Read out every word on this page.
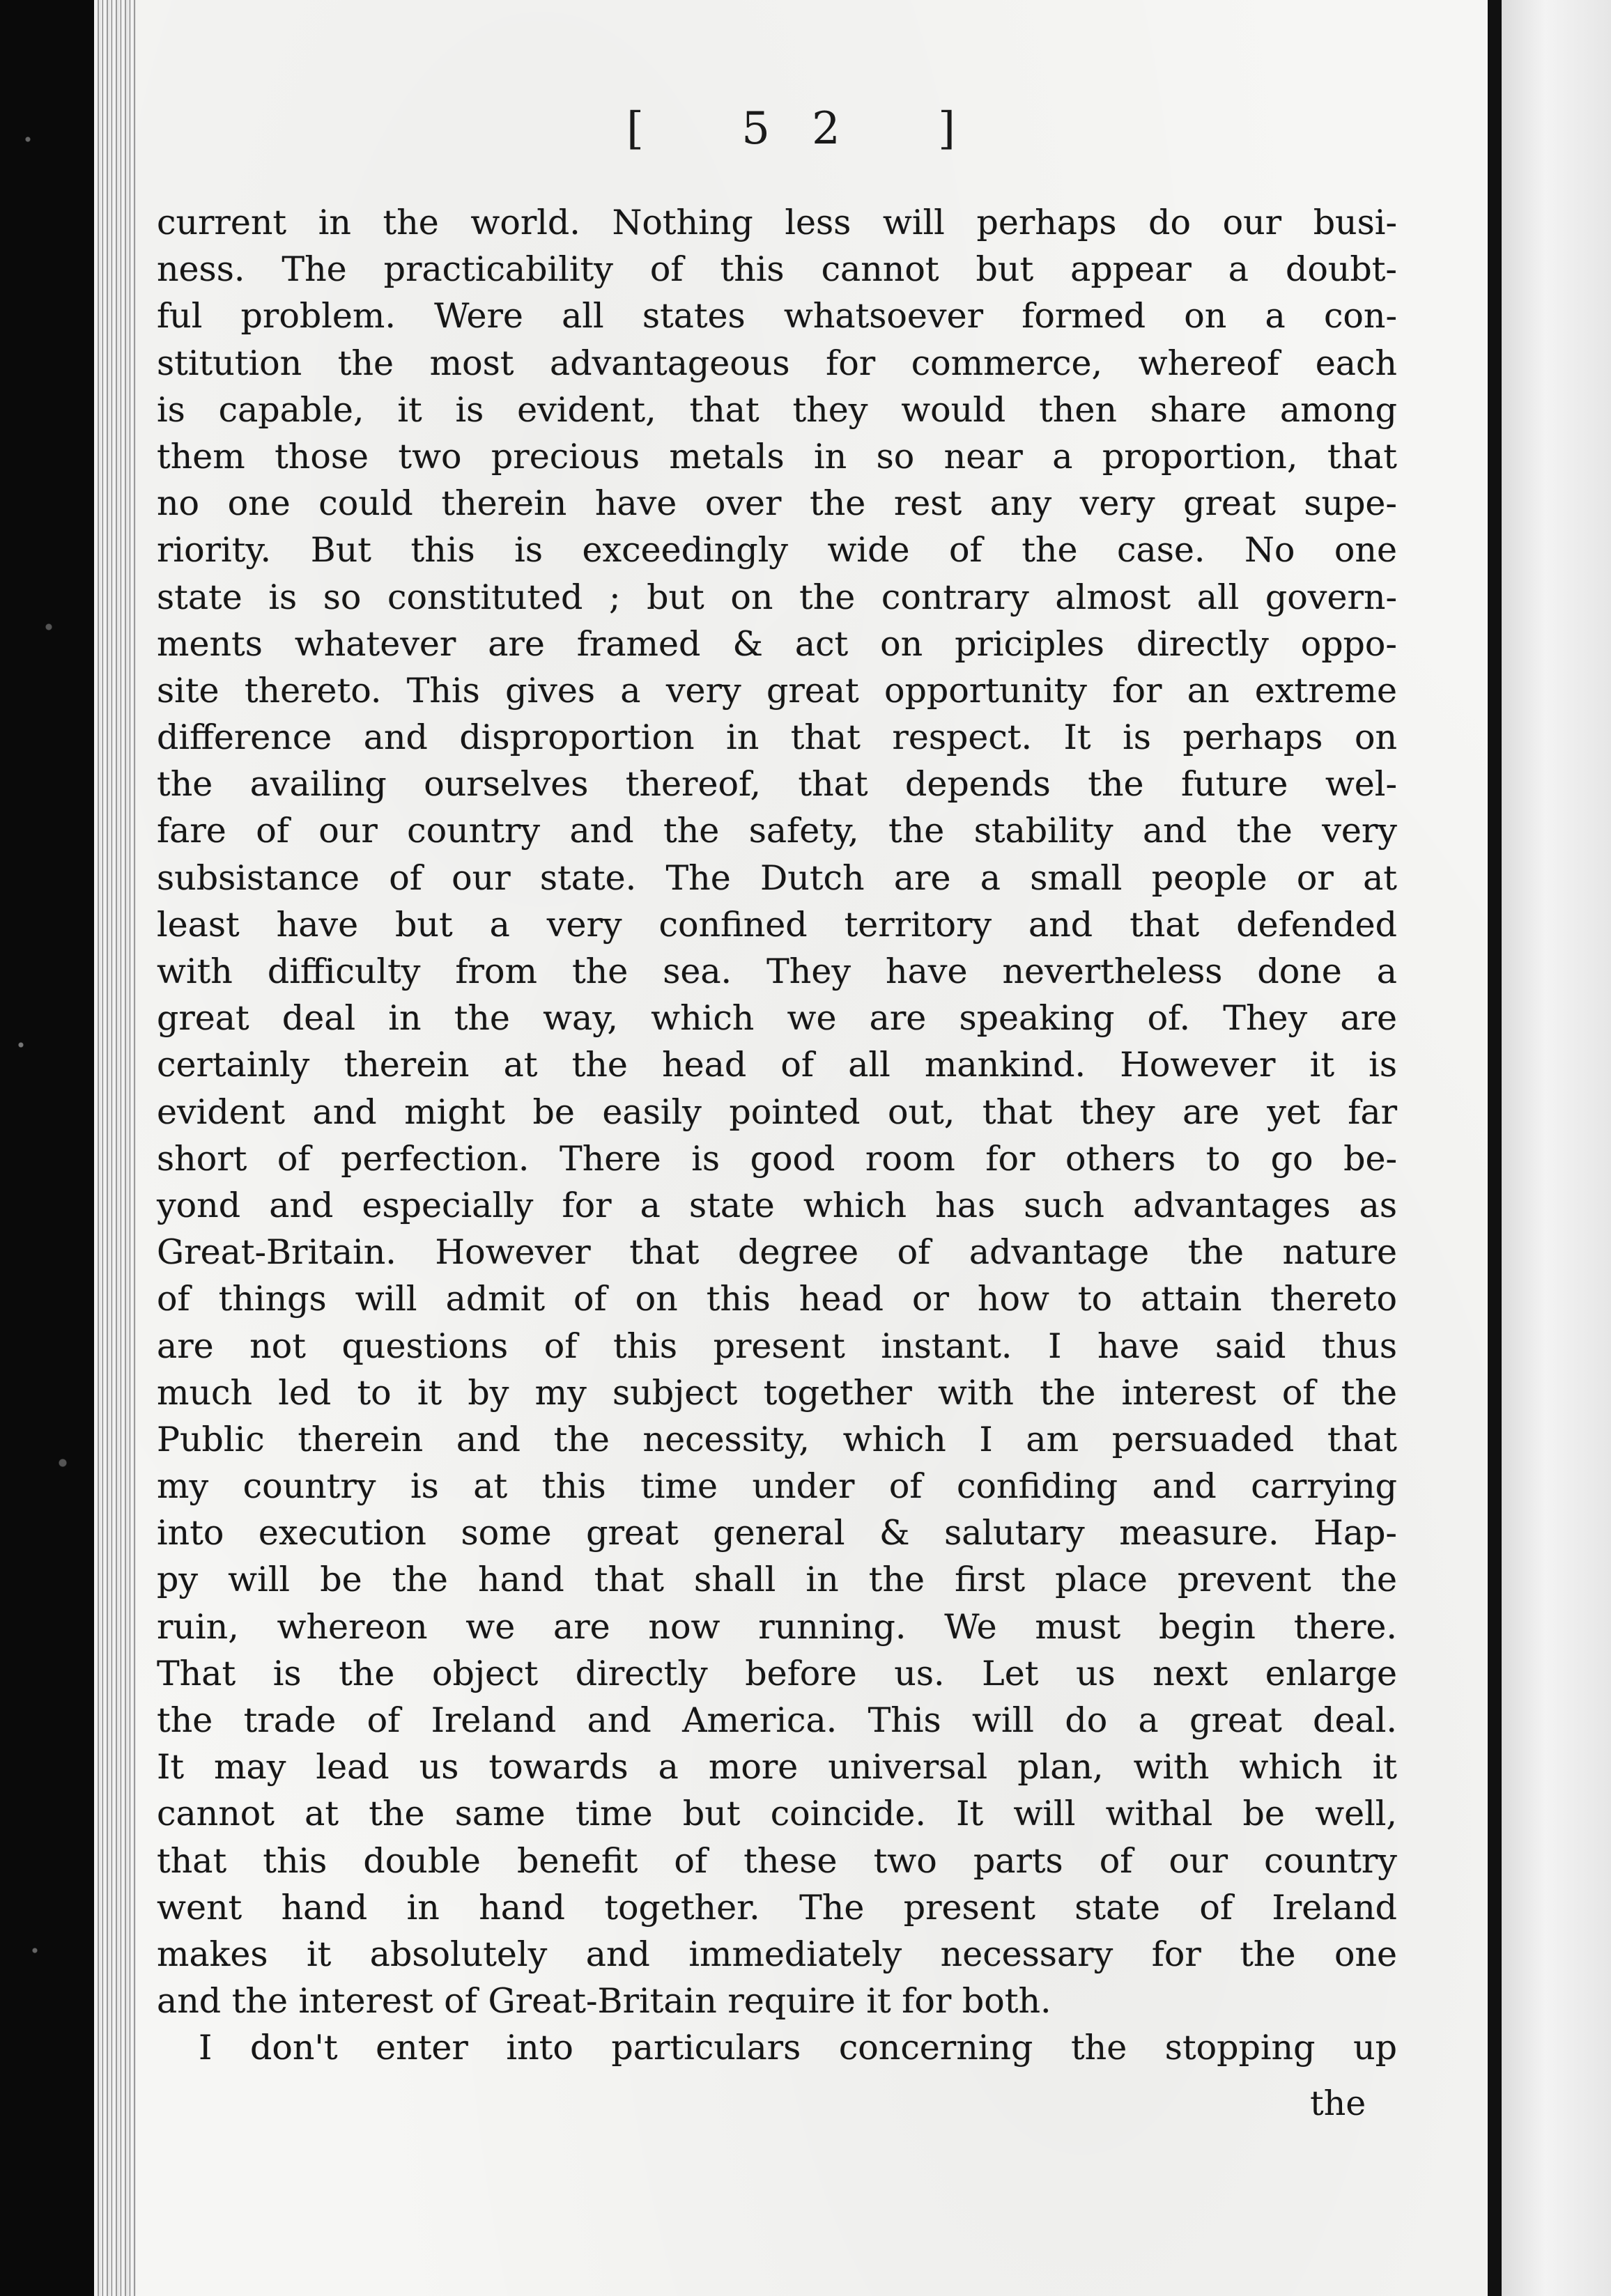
[ 52 ]
current in the world. Nothing less will perhaps do our busi-
ness. The practicability of this cannot but appear a doubt-
ful problem. Were all states whatsoever formed on a con-
stitution the most advantageous for commerce, whereof each
is capable, it is evident, that they would then share among
them those two precious metals in so near a proportion, that
no one could therein have over the rest any very great supe-
riority. But this is exceedingly wide of the case. No one
state is so constituted ; but on the contrary almost all govern-
ments whatever are framed & act on priciples directly oppo-
site thereto. This gives a very great opportunity for an extreme
difference and disproportion in that respect. It is perhaps on
the availing ourselves thereof, that depends the future wel-
fare of our country and the safety, the stability and the very
subsistance of our state. The Dutch are a small people or at
least have but a very confined territory and that defended
with difficulty from the sea. They have nevertheless done a
great deal in the way, which we are speaking of. They are
certainly therein at the head of all mankind. However it is
evident and might be easily pointed out, that they are yet far
short of perfection. There is good room for others to go be-
yond and especially for a state which has such advantages as
Great-Britain. However that degree of advantage the nature
of things will admit of on this head or how to attain thereto
are not questions of this present instant. I have said thus
much led to it by my subject together with the interest of the
Public therein and the necessity, which I am persuaded that
my country is at this time under of confiding and carrying
into execution some great general & salutary measure. Hap-
py will be the hand that shall in the first place prevent the
ruin, whereon we are now running. We must begin there.
That is the object directly before us. Let us next enlarge
the trade of Ireland and America. This will do a great deal.
It may lead us towards a more universal plan, with which it
cannot at the same time but coincide. It will withal be well,
that this double benefit of these two parts of our country
went hand in hand together. The present state of Ireland
makes it absolutely and immediately necessary for the one
and the interest of Great-Britain require it for both.
I don't enter into particulars concerning the stopping up
the
